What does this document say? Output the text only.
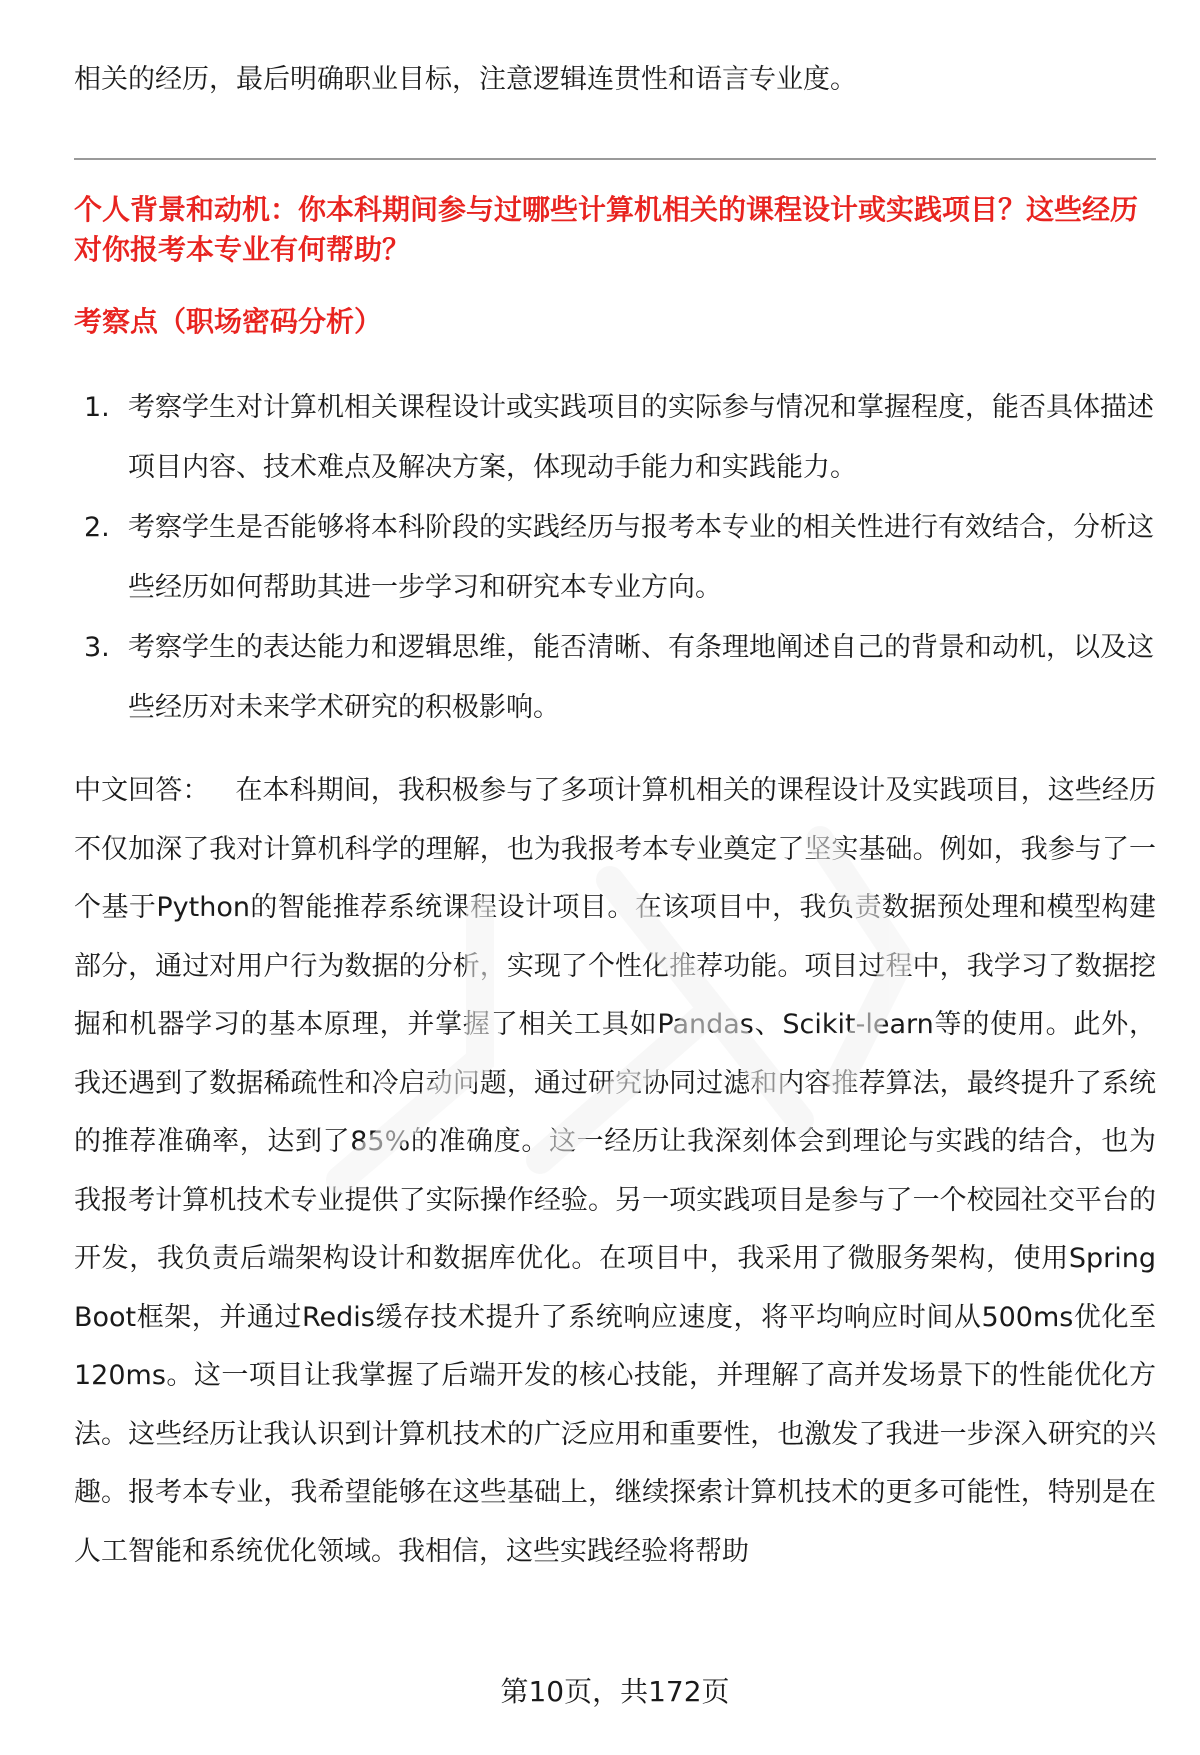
相关的经历，最后明确职业目标，注意逻辑连贯性和语言专业度。

个人背景和动机：你本科期间参与过哪些计算机相关的课程设计或实践项目？这些经历对你报考本专业有何帮助？
考察点（职场密码分析）
1. 考察学生对计算机相关课程设计或实践项目的实际参与情况和掌握程度，能否具体描述项目内容、技术难点及解决方案，体现动手能力和实践能力。
2. 考察学生是否能够将本科阶段的实践经历与报考本专业的相关性进行有效结合，分析这些经历如何帮助其进一步学习和研究本专业方向。
3. 考察学生的表达能力和逻辑思维，能否清晰、有条理地阐述自己的背景和动机，以及这些经历对未来学术研究的积极影响。

中文回答： 在本科期间，我积极参与了多项计算机相关的课程设计及实践项目，这些经历不仅加深了我对计算机科学的理解，也为我报考本专业奠定了坚实基础。例如，我参与了一个基于Python的智能推荐系统课程设计项目。在该项目中，我负责数据预处理和模型构建部分，通过对用户行为数据的分析，实现了个性化推荐功能。项目过程中，我学习了数据挖掘和机器学习的基本原理，并掌握了相关工具如Pandas、Scikit-learn等的使用。此外，我还遇到了数据稀疏性和冷启动问题，通过研究协同过滤和内容推荐算法，最终提升了系统的推荐准确率，达到了85%的准确度。这一经历让我深刻体会到理论与实践的结合，也为我报考计算机技术专业提供了实际操作经验。另一项实践项目是参与了一个校园社交平台的开发，我负责后端架构设计和数据库优化。在项目中，我采用了微服务架构，使用Spring Boot框架，并通过Redis缓存技术提升了系统响应速度，将平均响应时间从500ms优化至120ms。这一项目让我掌握了后端开发的核心技能，并理解了高并发场景下的性能优化方法。这些经历让我认识到计算机技术的广泛应用和重要性，也激发了我进一步深入研究的兴趣。报考本专业，我希望能够在这些基础上，继续探索计算机技术的更多可能性，特别是在人工智能和系统优化领域。我相信，这些实践经验将帮助

第10页，共172页
